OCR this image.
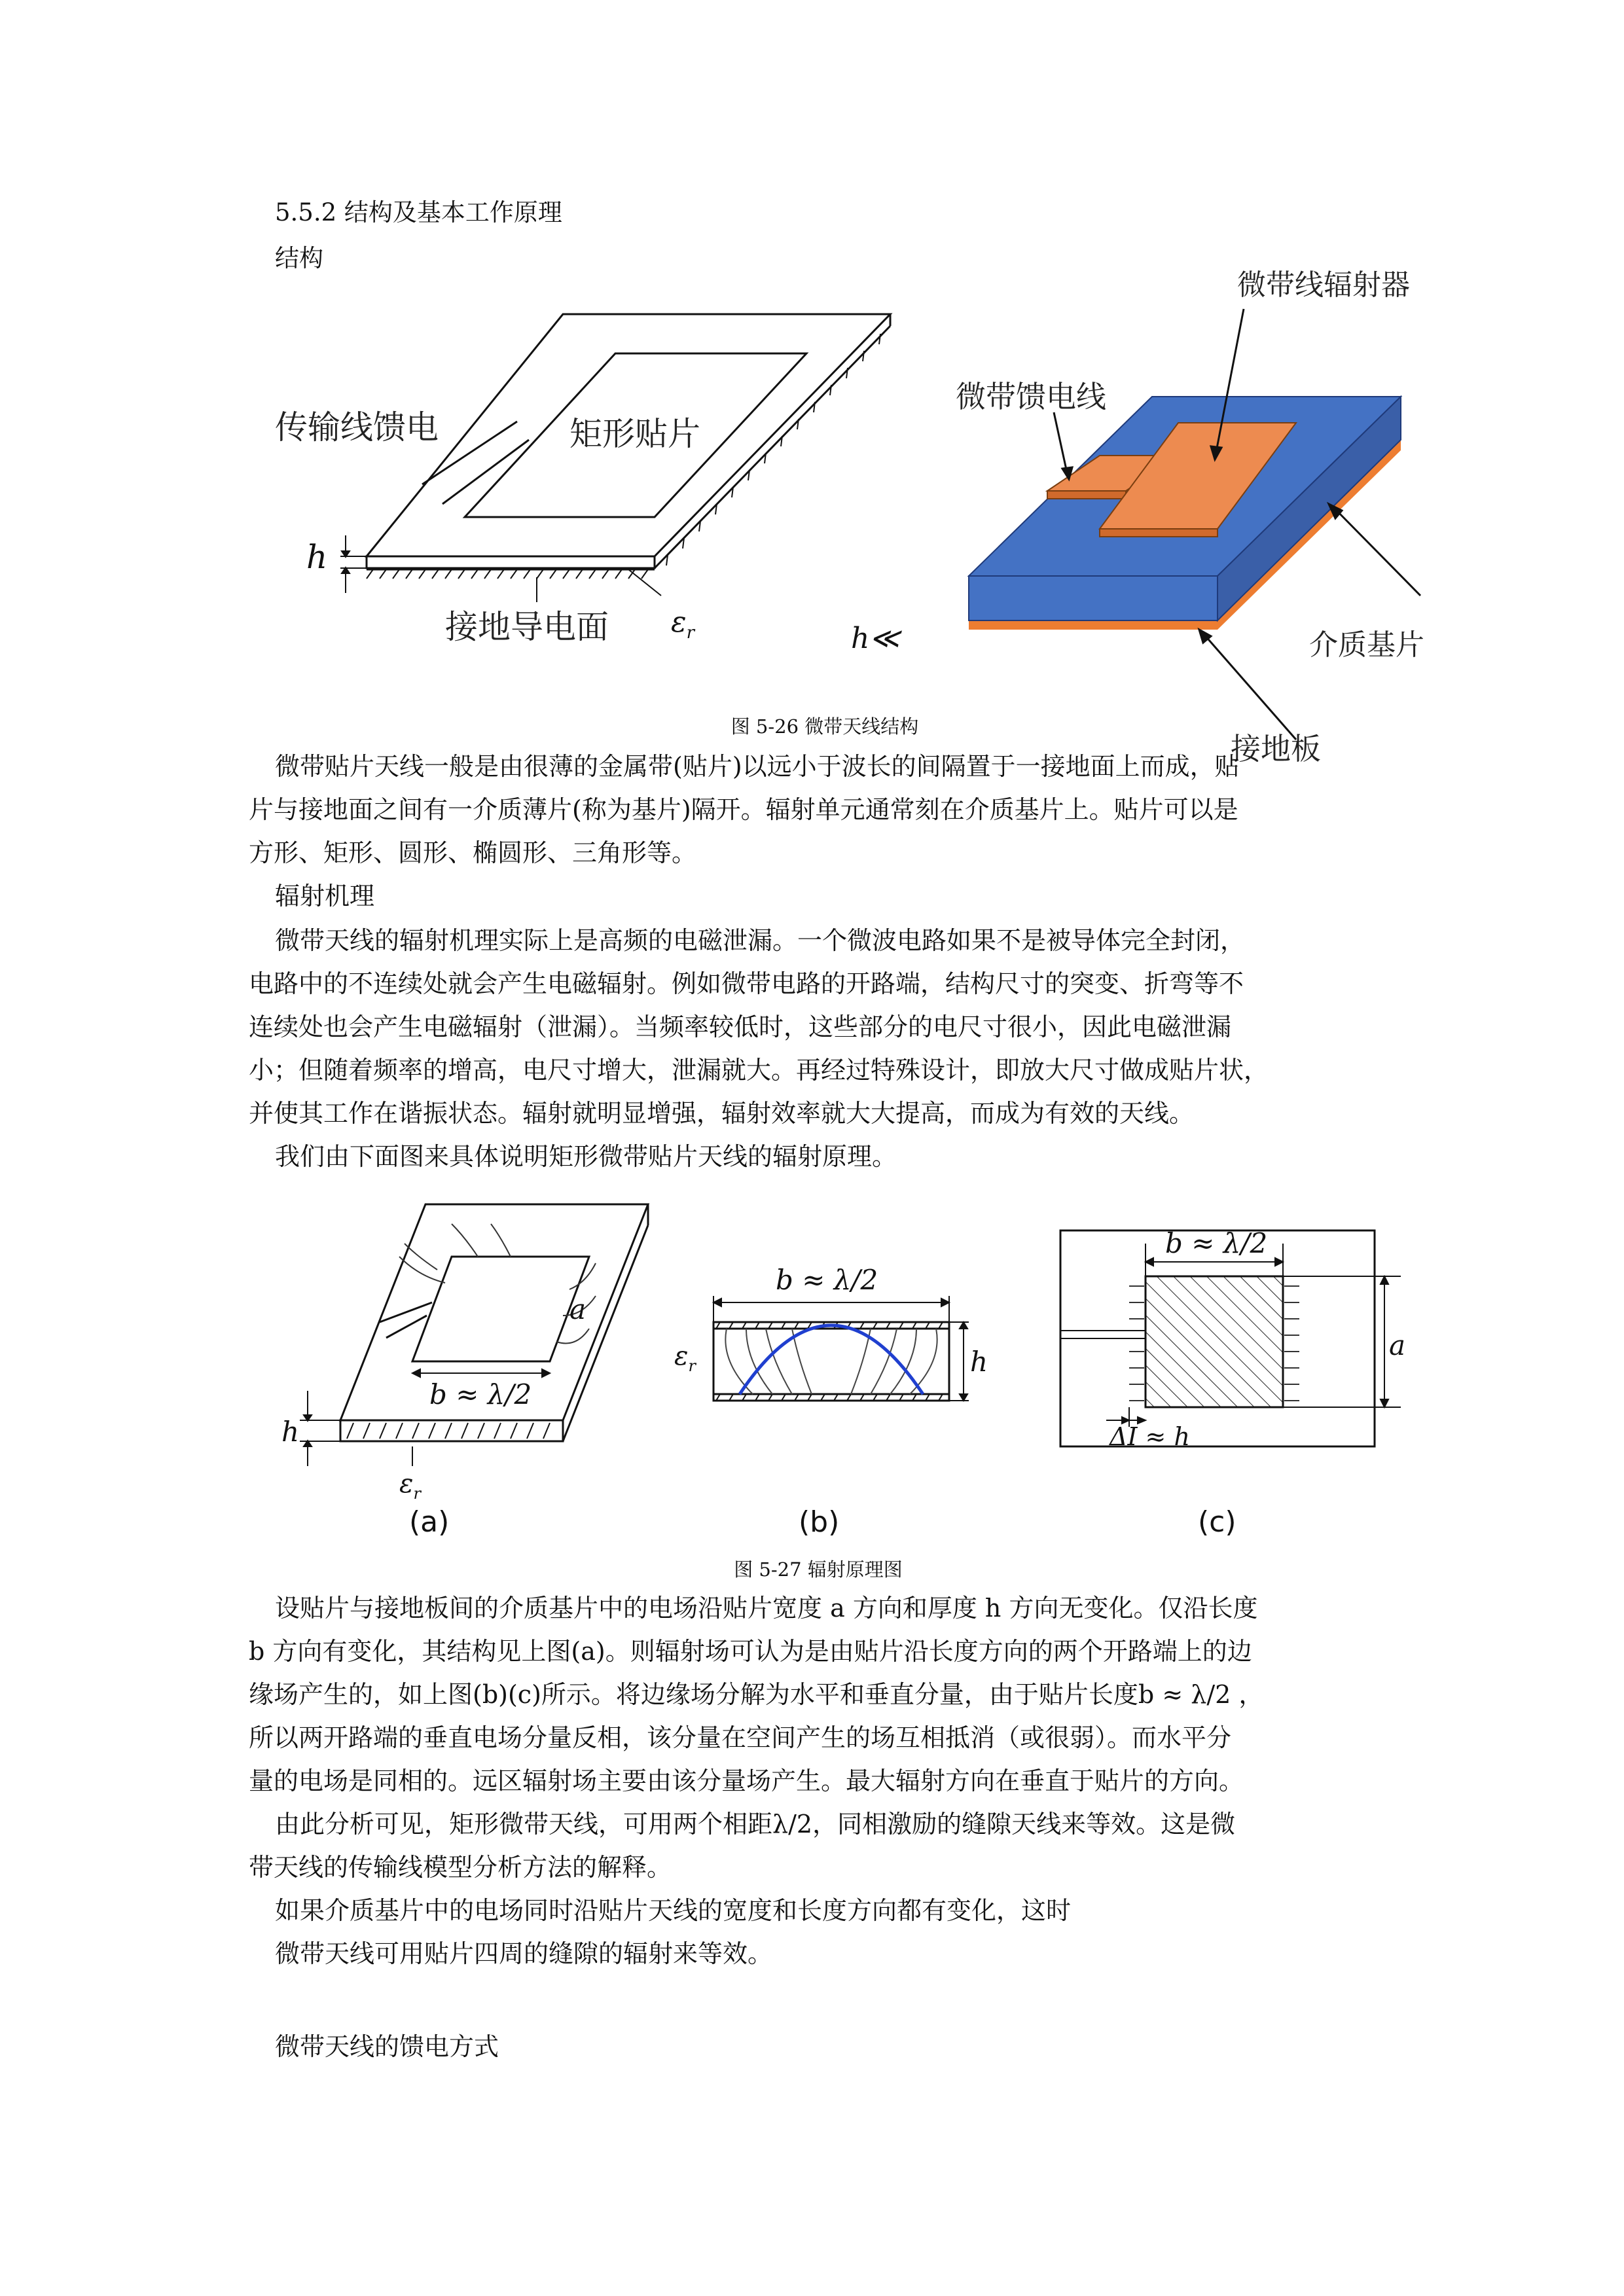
5.5.2 结构及基本工作原理
结构
传输线馈电	矩形贴片
h
接地导电面 $\varepsilon_r$
微带线辐射器
微带馈电线
h≪	介质基片
接地板
图 5-26 微带天线结构
微带贴片天线一般是由很薄的金属带(贴片)以远小于波长的间隔置于一接地面上而成，贴
片与接地面之间有一介质薄片(称为基片)隔开。辐射单元通常刻在介质基片上。贴片可以是
方形、矩形、圆形、椭圆形、三角形等。
辐射机理
微带天线的辐射机理实际上是高频的电磁泄漏。一个微波电路如果不是被导体完全封闭，
电路中的不连续处就会产生电磁辐射。例如微带电路的开路端，结构尺寸的突变、折弯等不
连续处也会产生电磁辐射（泄漏）。当频率较低时，这些部分的电尺寸很小，因此电磁泄漏
小；但随着频率的增高，电尺寸增大，泄漏就大。再经过特殊设计，即放大尺寸做成贴片状，
并使其工作在谐振状态。辐射就明显增强，辐射效率就大大提高，而成为有效的天线。
我们由下面图来具体说明矩形微带贴片天线的辐射原理。
b ≈ λ/2
a
h
$\varepsilon_r$
(a)
b ≈ λ/2
h
$\varepsilon_r$
(b)
b ≈ λ/2
a
ΔI ≈ h
(c)
图 5-27 辐射原理图
设贴片与接地板间的介质基片中的电场沿贴片宽度 a 方向和厚度 h 方向无变化。仅沿长度
b 方向有变化，其结构见上图(a)。则辐射场可认为是由贴片沿长度方向的两个开路端上的边
缘场产生的，如上图(b)(c)所示。将边缘场分解为水平和垂直分量，由于贴片长度b ≈ λ/2 ，
所以两开路端的垂直电场分量反相，该分量在空间产生的场互相抵消（或很弱）。而水平分
量的电场是同相的。远区辐射场主要由该分量场产生。最大辐射方向在垂直于贴片的方向。
由此分析可见，矩形微带天线，可用两个相距λ/2，同相激励的缝隙天线来等效。这是微
带天线的传输线模型分析方法的解释。
如果介质基片中的电场同时沿贴片天线的宽度和长度方向都有变化，这时
微带天线可用贴片四周的缝隙的辐射来等效。
微带天线的馈电方式
